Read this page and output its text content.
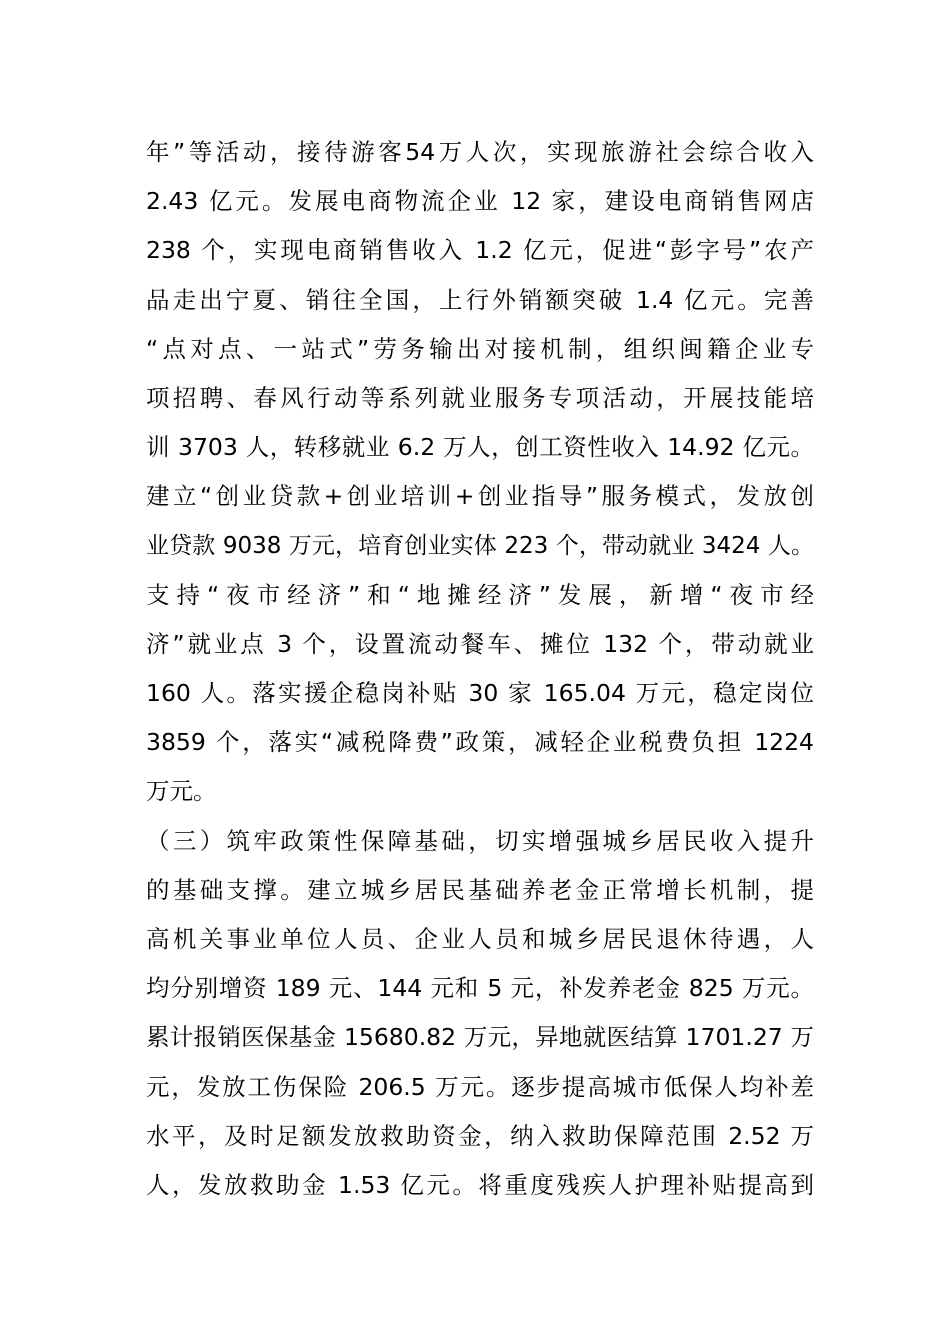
年”等活动，接待游客54万人次，实现旅游社会综合收入
2.43 亿元。发展电商物流企业 12 家，建设电商销售网店
238 个，实现电商销售收入 1.2 亿元，促进“彭字号”农产
品走出宁夏、销往全国，上行外销额突破 1.4 亿元。完善
“点对点、一站式”劳务输出对接机制，组织闽籍企业专
项招聘、春风行动等系列就业服务专项活动，开展技能培
训 3703 人，转移就业 6.2 万人，创工资性收入 14.92 亿元。
建立“创业贷款+创业培训+创业指导”服务模式，发放创
业贷款 9038 万元，培育创业实体 223 个，带动就业 3424 人。
支持“夜市经济”和“地摊经济”发展，新增“夜市经
济”就业点 3 个，设置流动餐车、摊位 132 个，带动就业
160 人。落实援企稳岗补贴 30 家 165.04 万元，稳定岗位
3859 个，落实“减税降费”政策，减轻企业税费负担 1224
万元。
（三）筑牢政策性保障基础，切实增强城乡居民收入提升
的基础支撑。建立城乡居民基础养老金正常增长机制，提
高机关事业单位人员、企业人员和城乡居民退休待遇，人
均分别增资 189 元、144 元和 5 元，补发养老金 825 万元。
累计报销医保基金 15680.82 万元，异地就医结算 1701.27 万
元，发放工伤保险 206.5 万元。逐步提高城市低保人均补差
水平，及时足额发放救助资金，纳入救助保障范围 2.52 万
人，发放救助金 1.53 亿元。将重度残疾人护理补贴提高到
